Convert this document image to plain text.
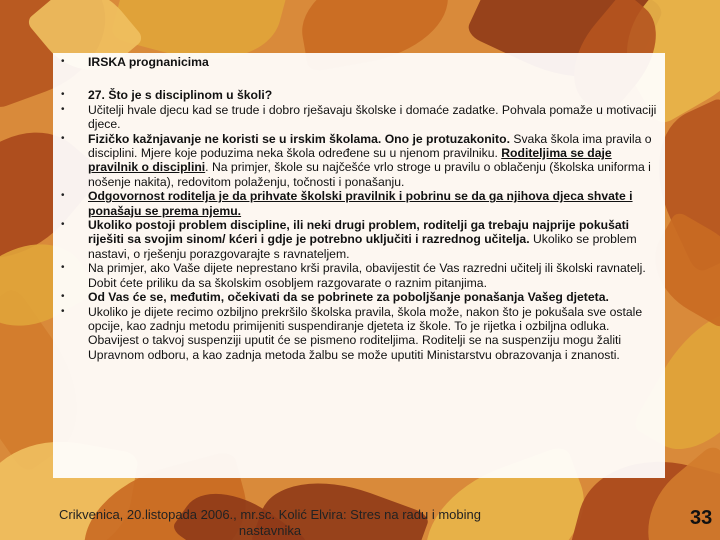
• IRSKA prognanicima
• 27. Što je s disciplinom u školi?
• Učitelji hvale djecu kad se trude i dobro rješavaju školske i domaće zadatke. Pohvala pomaže u motivaciji djece.
• Fizičko kažnjavanje ne koristi se u irskim školama. Ono je protuzakonito. Svaka škola ima pravila o disciplini. Mjere koje poduzima neka škola određene su u njenom pravilniku. Roditeljima se daje pravilnik o disciplini. Na primjer, škole su najčešće vrlo stroge u pravilu o oblačenju (školska uniforma i nošenje nakita), redovitom polaženju, točnosti i ponašanju.
• Odgovornost roditelja je da prihvate školski pravilnik i pobrinu se da ga njihova djeca shvate i ponašaju se prema njemu.
• Ukoliko postoji problem discipline, ili neki drugi problem, roditelji ga trebaju najprije pokušati riješiti sa svojim sinom/ kćeri i gdje je potrebno uključiti i razrednog učitelja. Ukoliko se problem nastavi, o rješenju porazgovarajte s ravnateljem.
• Na primjer, ako Vaše dijete neprestano krši pravila, obavijestit će Vas razredni učitelj ili školski ravnatelj. Dobit ćete priliku da sa školskim osobljem razgovarate o raznim pitanjima.
• Od Vas će se, međutim, očekivati da se pobrinete za poboljšanje ponašanja Vašeg djeteta.
• Ukoliko je dijete recimo ozbiljno prekršilo školska pravila, škola može, nakon što je pokušala sve ostale opcije, kao zadnju metodu primijeniti suspendiranje djeteta iz škole. To je rijetka i ozbiljna odluka. Obavijest o takvoj suspenziji uputit će se pismeno roditeljima. Roditelji se na suspenziju mogu žaliti Upravnom odboru, a kao zadnja metoda žalbu se može uputiti Ministarstvu obrazovanja i znanosti.
Crikvenica, 20.listopada 2006., mr.sc. Kolić Elvira: Stres na radu i mobing nastavnika
33
